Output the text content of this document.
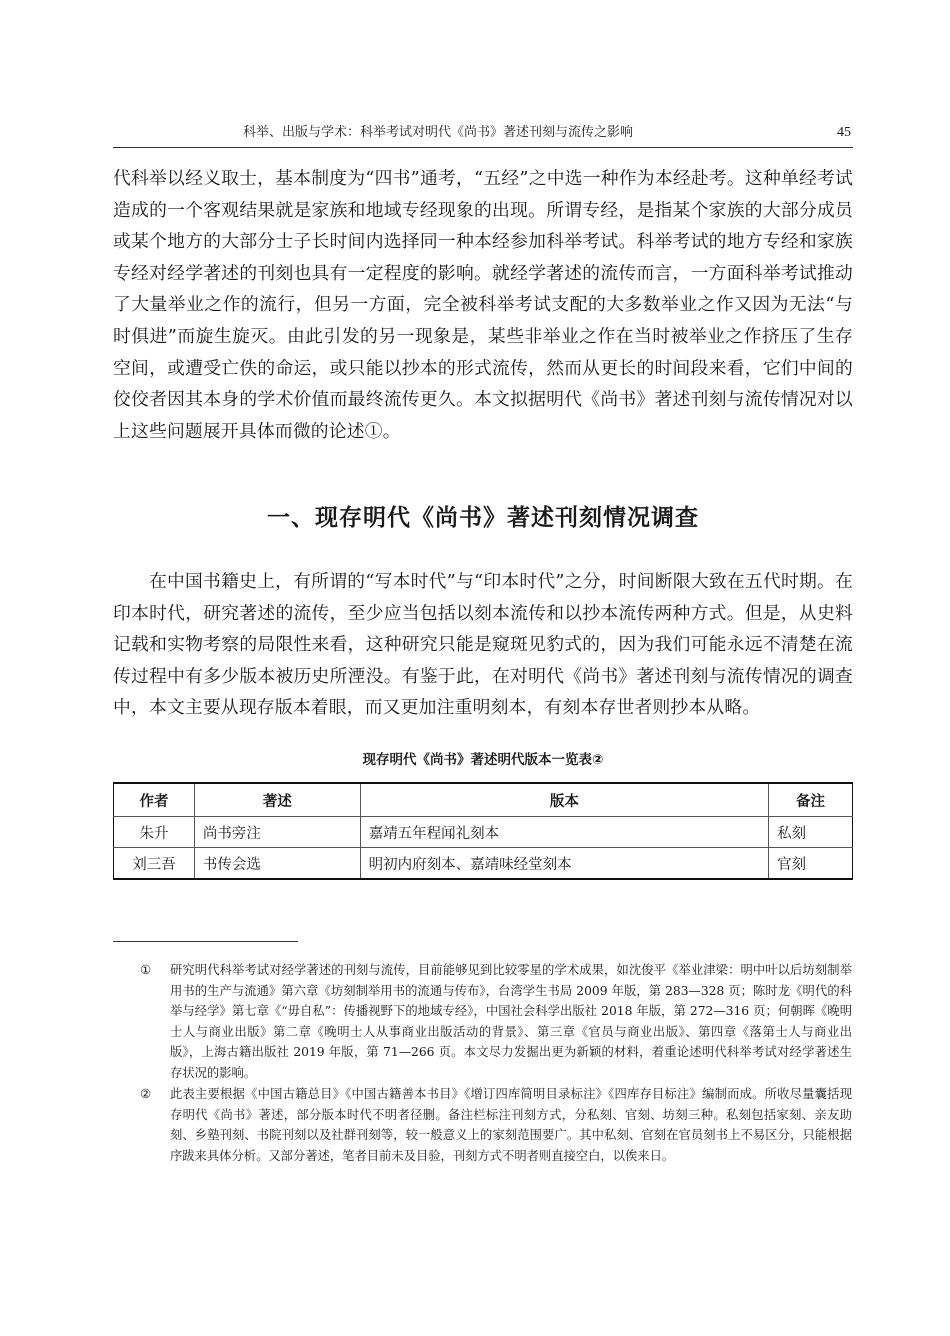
科举、出版与学术：科举考试对明代《尚书》著述刊刻与流传之影响	45

代科举以经义取士，基本制度为“四书”通考，“五经”之中选一种作为本经赴考。这种单经考试造成的一个客观结果就是家族和地域专经现象的出现。所谓专经，是指某个家族的大部分成员或某个地方的大部分士子长时间内选择同一种本经参加科举考试。科举考试的地方专经和家族专经对经学著述的刊刻也具有一定程度的影响。就经学著述的流传而言，一方面科举考试推动了大量举业之作的流行，但另一方面，完全被科举考试支配的大多数举业之作又因为无法“与时俱进”而旋生旋灭。由此引发的另一现象是，某些非举业之作在当时被举业之作挤压了生存空间，或遭受亡佚的命运，或只能以抄本的形式流传，然而从更长的时间段来看，它们中间的佼佼者因其本身的学术价值而最终流传更久。本文拟据明代《尚书》著述刊刻与流传情况对以上这些问题展开具体而微的论述①。

一、现存明代《尚书》著述刊刻情况调查

在中国书籍史上，有所谓的“写本时代”与“印本时代”之分，时间断限大致在五代时期。在印本时代，研究著述的流传，至少应当包括以刻本流传和以抄本流传两种方式。但是，从史料记载和实物考察的局限性来看，这种研究只能是窥斑见豹式的，因为我们可能永远不清楚在流传过程中有多少版本被历史所湮没。有鉴于此，在对明代《尚书》著述刊刻与流传情况的调查中，本文主要从现存版本着眼，而又更加注重明刻本，有刻本存世者则抄本从略。

现存明代《尚书》著述明代版本一览表②
作者	著述	版本	备注
朱升	尚书旁注	嘉靖五年程闻礼刻本	私刻
刘三吾	书传会选	明初内府刻本、嘉靖味经堂刻本	官刻

①	研究明代科举考试对经学著述的刊刻与流传，目前能够见到比较零星的学术成果，如沈俊平《举业津梁：明中叶以后坊刻制举用书的生产与流通》第六章《坊刻制举用书的流通与传布》，台湾学生书局 2009 年版，第 283—328 页；陈时龙《明代的科举与经学》第七章《“毋自私”：传播视野下的地域专经》，中国社会科学出版社 2018 年版，第 272—316 页；何朝晖《晚明士人与商业出版》第二章《晚明士人从事商业出版活动的背景》、第三章《官员与商业出版》、第四章《落第士人与商业出版》，上海古籍出版社 2019 年版，第 71—266 页。本文尽力发掘出更为新颖的材料，着重论述明代科举考试对经学著述生存状况的影响。

②	此表主要根据《中国古籍总目》《中国古籍善本书目》《增订四库简明目录标注》《四库存目标注》编制而成。所收尽量囊括现存明代《尚书》著述，部分版本时代不明者径删。备注栏标注刊刻方式，分私刻、官刻、坊刻三种。私刻包括家刻、亲友助刻、乡塾刊刻、书院刊刻以及社群刊刻等，较一般意义上的家刻范围要广。其中私刻、官刻在官员刻书上不易区分，只能根据序跋来具体分析。又部分著述，笔者目前未及目验，刊刻方式不明者则直接空白，以俟来日。
